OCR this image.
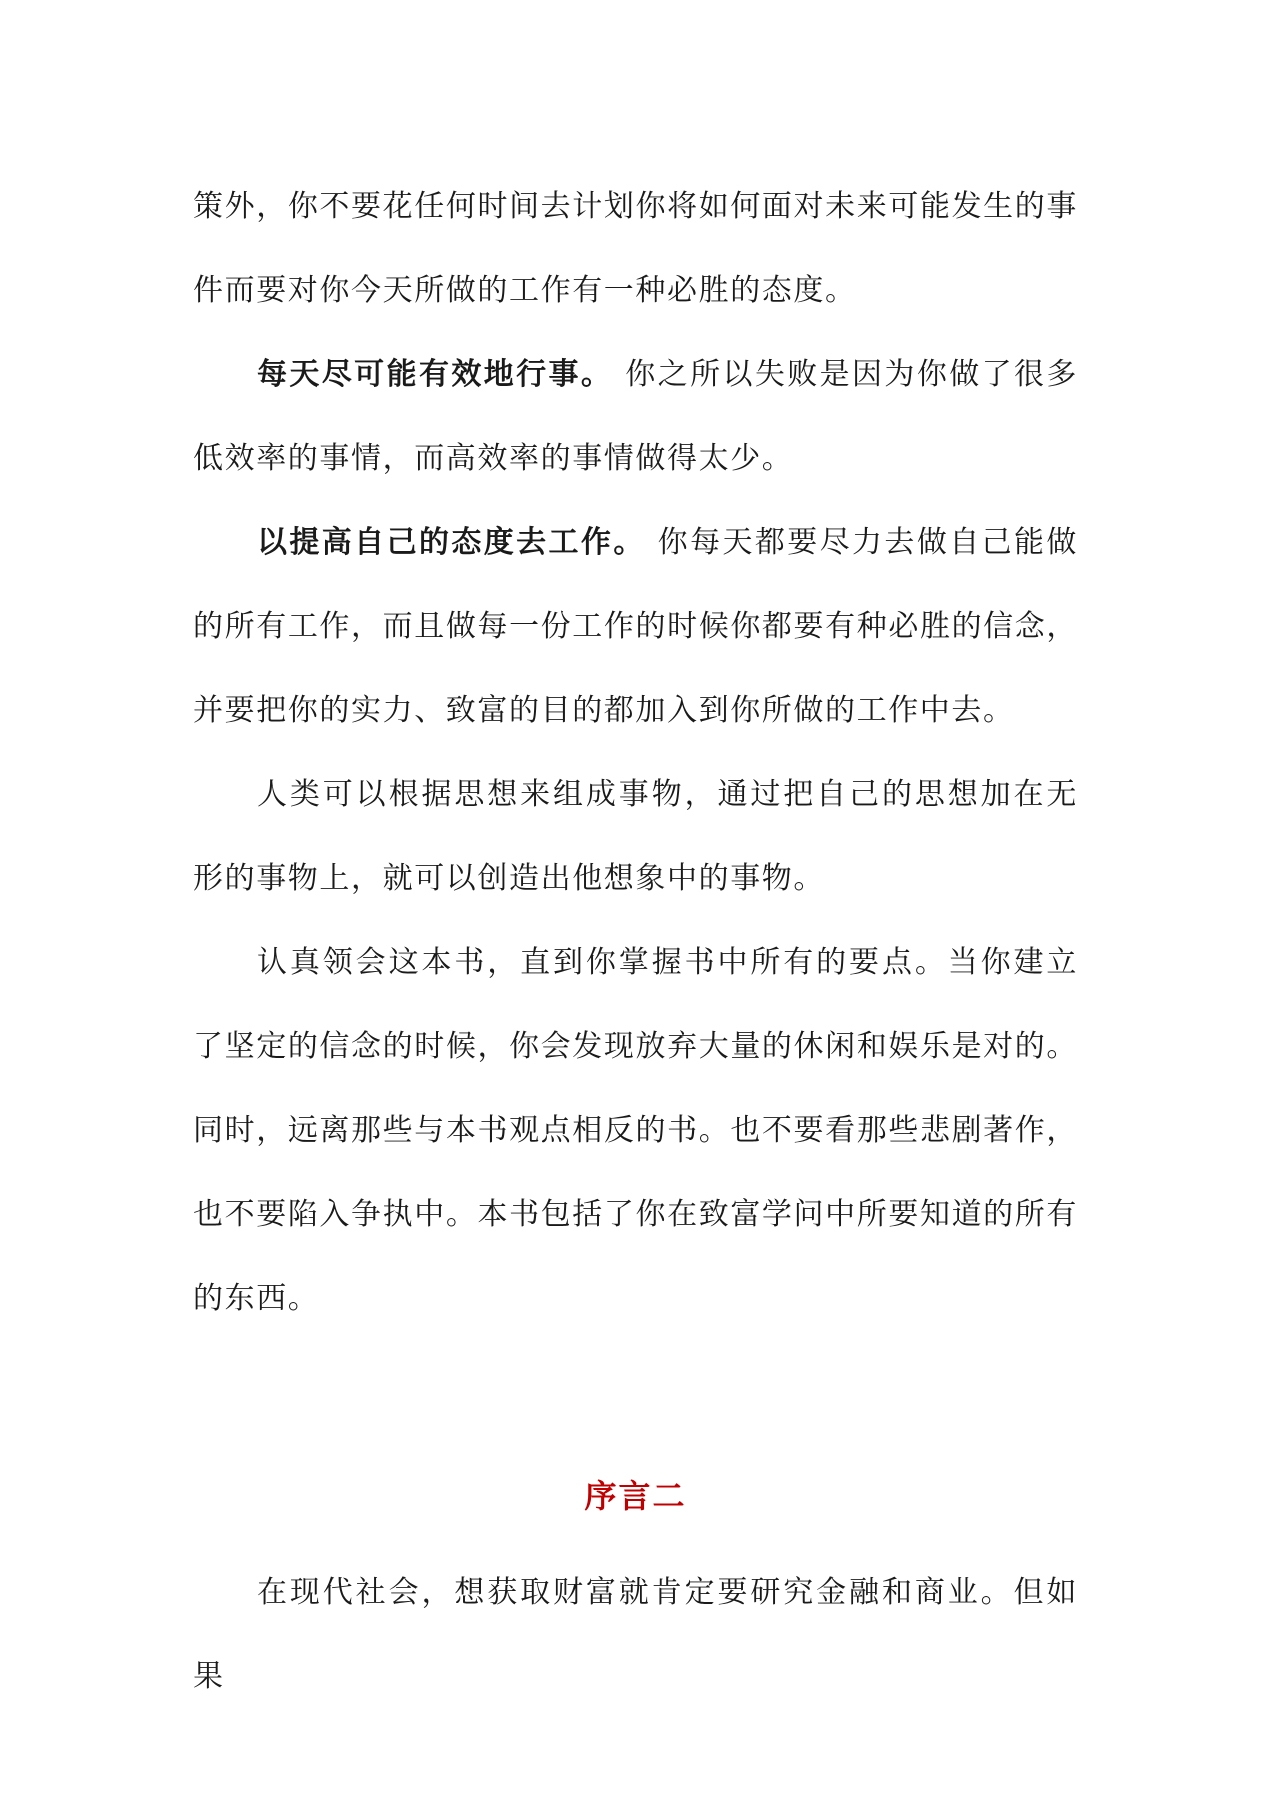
策外，你不要花任何时间去计划你将如何面对未来可能发生的事件而要对你今天所做的工作有一种必胜的态度。

每天尽可能有效地行事。 你之所以失败是因为你做了很多低效率的事情，而高效率的事情做得太少。

以提高自己的态度去工作。 你每天都要尽力去做自己能做的所有工作，而且做每一份工作的时候你都要有种必胜的信念，并要把你的实力、致富的目的都加入到你所做的工作中去。

人类可以根据思想来组成事物，通过把自己的思想加在无形的事物上，就可以创造出他想象中的事物。

认真领会这本书，直到你掌握书中所有的要点。当你建立了坚定的信念的时候，你会发现放弃大量的休闲和娱乐是对的。同时，远离那些与本书观点相反的书。也不要看那些悲剧著作，也不要陷入争执中。本书包括了你在致富学问中所要知道的所有的东西。

序言二

在现代社会，想获取财富就肯定要研究金融和商业。但如果
